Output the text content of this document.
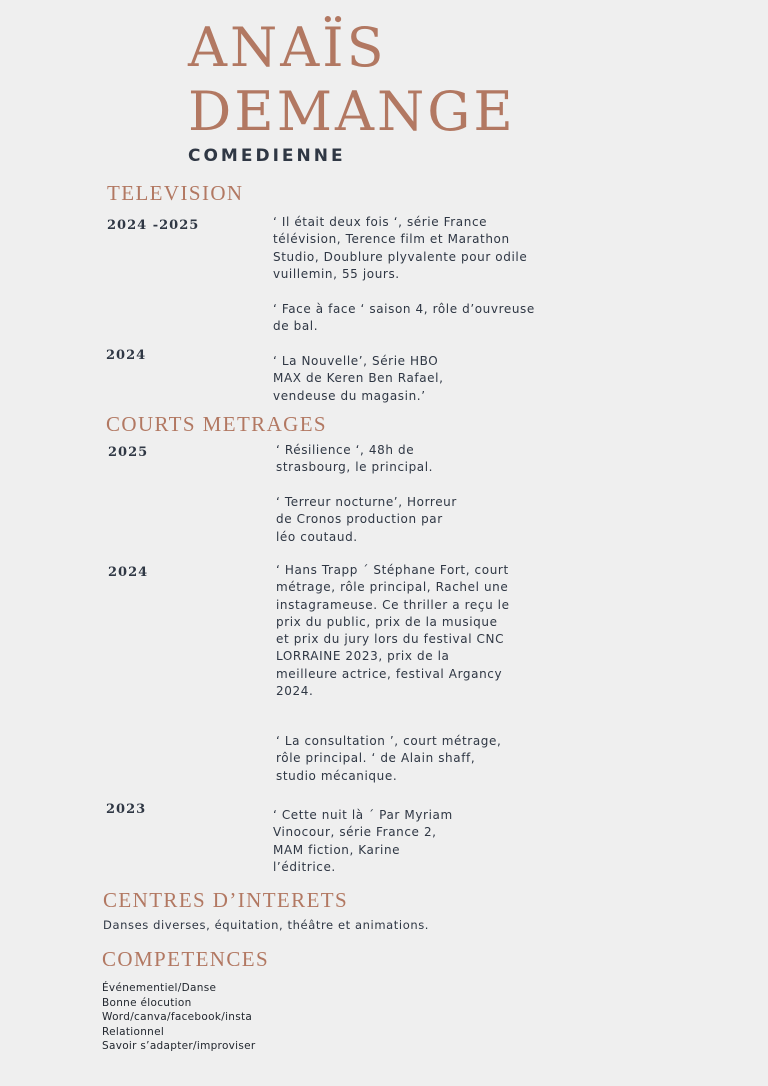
ANAÏS
DEMANGE
COMEDIENNE
TELEVISION
2024 -2025	‘ Il était deux fois ‘, série France
télévision, Terence film et Marathon
Studio, Doublure plyvalente pour odile
vuillemin, 55 jours.
‘ Face à face ‘ saison 4, rôle d’ouvreuse
de bal.
2024	‘ La Nouvelle’, Série HBO
MAX de Keren Ben Rafael,
vendeuse du magasin.’
COURTS METRAGES
2025	‘ Résilience ‘, 48h de
strasbourg, le principal.
‘ Terreur nocturne’, Horreur
de Cronos production par
léo coutaud.
2024	‘ Hans Trapp ´ Stéphane Fort, court
métrage, rôle principal, Rachel une
instagrameuse. Ce thriller a reçu le
prix du public, prix de la musique
et prix du jury lors du festival CNC
LORRAINE 2023, prix de la
meilleure actrice, festival Argancy
2024.
‘ La consultation ’, court métrage,
rôle principal. ‘ de Alain shaff,
studio mécanique.
2023	‘ Cette nuit là ´ Par Myriam
Vinocour, série France 2,
MAM fiction, Karine
l’éditrice.
CENTRES D’INTERETS
Danses diverses, équitation, théâtre et animations.
COMPETENCES
Événementiel/Danse
Bonne élocution
Word/canva/facebook/insta
Relationnel
Savoir s’adapter/improviser
